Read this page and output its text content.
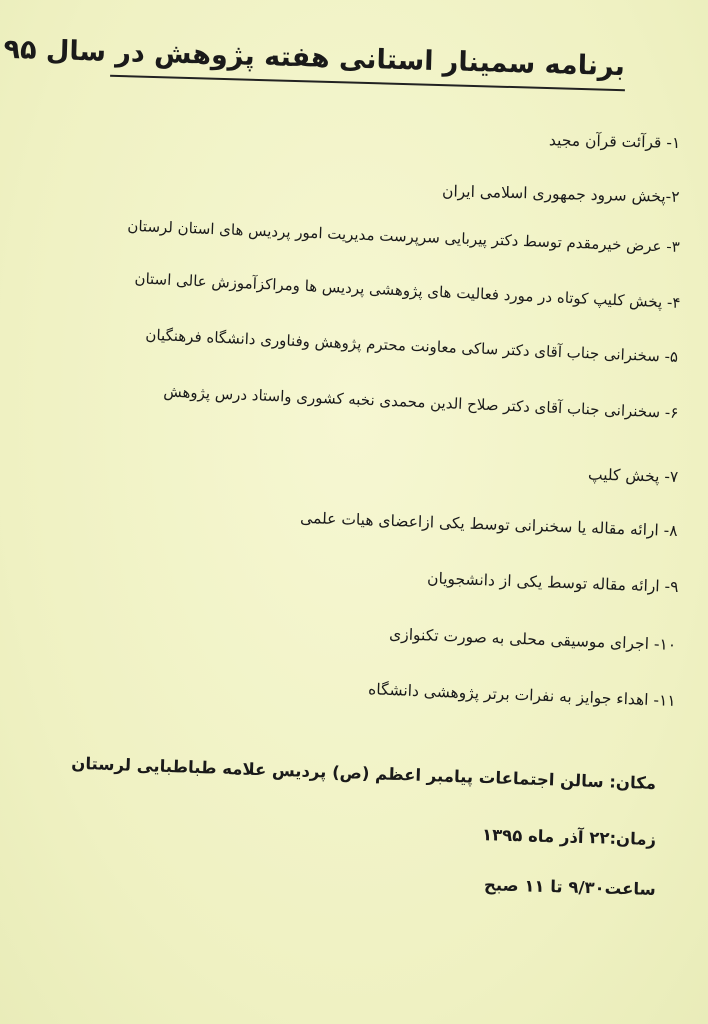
برنامه سمینار استانی هفته پژوهش در سال ۹۵
۱- قرآئت قرآن مجید
۲-پخش سرود جمهوری اسلامی ایران
۳- عرض خیرمقدم توسط دکتر پیربایی سرپرست مدیریت امور پردیس های استان لرستان
۴- پخش کلیپ کوتاه در مورد فعالیت های پژوهشی پردیس ها ومراکزآموزش عالی استان
۵- سخنرانی جناب آقای دکتر ساکی معاونت محترم پژوهش وفناوری دانشگاه فرهنگیان
۶- سخنرانی جناب آقای دکتر صلاح الدین محمدی نخبه کشوری واستاد درس پژوهش
۷- پخش کلیپ
۸- ارائه مقاله یا سخنرانی توسط یکی ازاعضای هیات علمی
۹- ارائه مقاله توسط یکی از دانشجویان
۱۰- اجرای موسیقی محلی به صورت تکنوازی
۱۱- اهداء جوایز به نفرات برتر پژوهشی دانشگاه
مکان: سالن اجتماعات پیامبر اعظم (ص) پردیس علامه طباطبایی لرستان
زمان:۲۲ آذر ماه ۱۳۹۵
ساعت۹/۳۰ تا ۱۱ صبح
